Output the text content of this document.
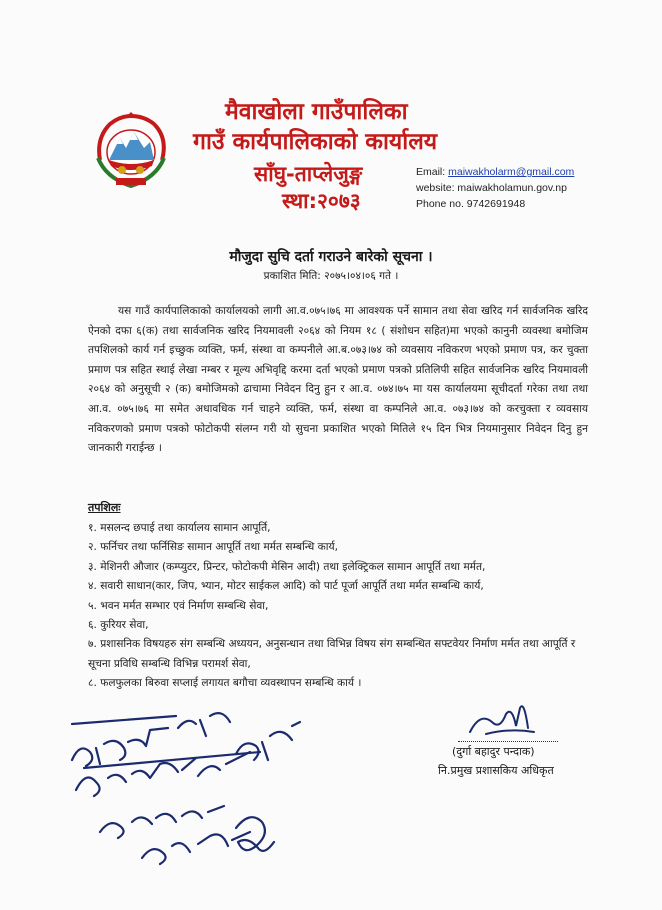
मैवाखोला गाउँपालिका
गाउँ कार्यपालिकाको कार्यालय
साँघु-ताप्लेजुङ्ग
स्था:२०७३
Email: maiwakholarm@gmail.com
website: maiwakholamun.gov.np
Phone no. 9742691948
मौजुदा सुचि दर्ता गराउने बारेको सूचना ।
प्रकाशित मिति: २०७५।०४।०६ गते ।
यस गाउँ कार्यपालिकाको कार्यालयको लागी आ.व.०७५।७६ मा आवश्यक पर्ने सामान तथा सेवा खरिद गर्न सार्वजनिक खरिद ऐनको दफा ६(क) तथा सार्वजनिक खरिद नियमावली २०६४ को नियम १८ ( संशोधन सहित)मा भएको कानुनी व्यवस्था बमोजिम तपशिलको कार्य गर्न इच्छुक व्यक्ति, फर्म, संस्था वा कम्पनीले आ.ब.०७३।७४ को व्यवसाय नविकरण भएको प्रमाण पत्र, कर चुक्ता प्रमाण पत्र सहित स्थाई लेखा नम्बर र मूल्य अभिवृद्दि करमा दर्ता भएको प्रमाण पत्रको प्रतिलिपी सहित सार्वजनिक खरिद नियमावली २०६४ को अनुसूची २ (क) बमोजिमको ढाचामा निवेदन दिनु हुन र आ.व. ०७४।७५ मा यस कार्यालयमा सूचीदर्ता गरेका तथा तथा आ.व. ०७५।७६ मा समेत अधावधिक गर्न चाहने व्यक्ति, फर्म, संस्था वा कम्पनिले आ.व. ०७३।७४ को करचुक्ता र व्यवसाय नविकरणको प्रमाण पत्रको फोटोकपी संलग्न गरी यो सुचना प्रकाशित भएको मितिले १५ दिन भित्र नियमानुसार निवेदन दिनु हुन जानकारी गराईन्छ ।
तपशिलः
१. मसलन्द छपाई तथा कार्यालय सामान आपूर्ति,
२. फर्निचर तथा फर्निसिङ सामान आपूर्ति तथा मर्मत सम्बन्धि कार्य,
३. मेशिनरी औजार (कम्प्युटर, प्रिन्टर, फोटोकपी मेसिन आदी) तथा इलेक्ट्रिकल सामान आपूर्ति तथा मर्मत,
४. सवारी साधान(कार, जिप, भ्यान, मोटर साईकल आदि) को पार्ट पूर्जा आपूर्ति तथा मर्मत सम्बन्धि कार्य,
५. भवन मर्मत सम्भार एवं निर्माण सम्बन्धि सेवा,
६. कुरियर सेवा,
७. प्रशासनिक विषयहरु संग सम्बन्धि अध्ययन, अनुसन्धान तथा विभिन्न विषय संग सम्बन्धित सफ्टवेयर निर्माण मर्मत तथा आपूर्ति र सूचना प्रविधि सम्बन्धि विभिन्न परामर्श सेवा,
८. फलफुलका बिरुवा सप्लाई लगायत बगौचा व्यवस्थापन सम्बन्धि कार्य ।
(दुर्गा बहादुर पन्दाक)
नि.प्रमुख प्रशासकिय अधिकृत
